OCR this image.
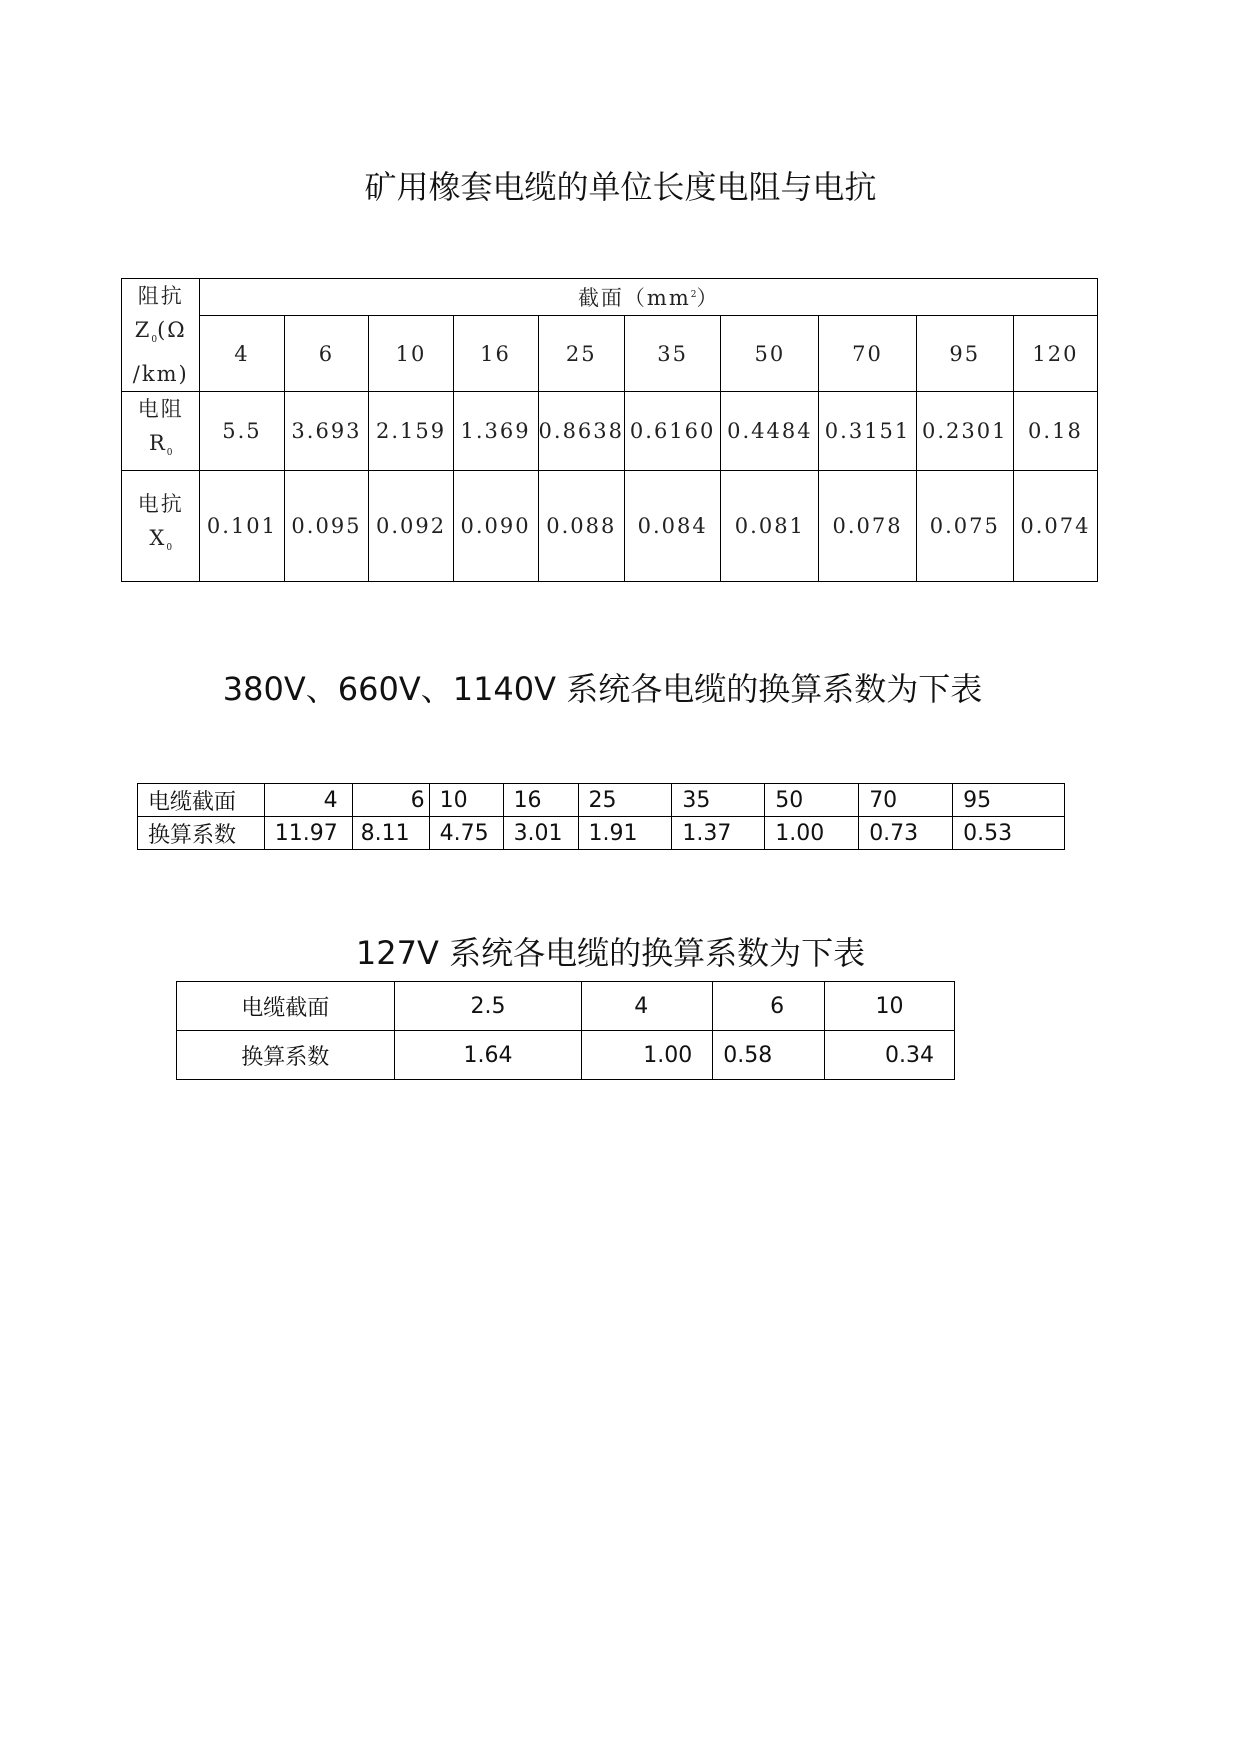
矿用橡套电缆的单位长度电阻与电抗
阻抗
$Z_0(\Omega$
/km)	截面$(mm^2)$									
	4	6	10	16	25	35	50	70	95	120
电阻
$R_0$	5.5	3.693	2.159	1.369	0.8638	0.6160	0.4484	0.3151	0.2301	0.18
电抗
$X_0$	0.101	0.095	0.092	0.090	0.088	0.084	0.081	0.078	0.075	0.074
380V、660V、1140V 系统各电缆的换算系数为下表
电缆截面	4	6	10	16	25	35	50	70	95
换算系数	11.97	8.11	4.75	3.01	1.91	1.37	1.00	0.73	0.53
127V 系统各电缆的换算系数为下表
电缆截面	2.5	4	6	10
换算系数	1.64	1.00	0.58	0.34
